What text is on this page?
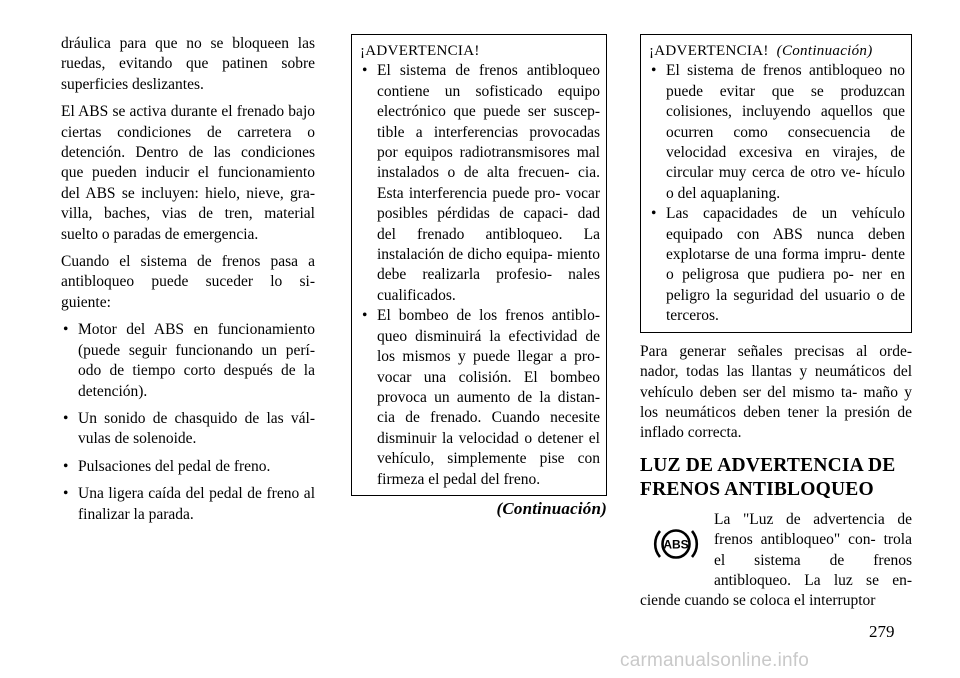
dráulica para que no se bloqueen las ruedas, evitando que patinen sobre superficies deslizantes.

El ABS se activa durante el frenado bajo ciertas condiciones de carretera o detención. Dentro de las condiciones que pueden inducir el funcionamiento del ABS se incluyen: hielo, nieve, gra- villa, baches, vias de tren, material suelto o paradas de emergencia.

Cuando el sistema de frenos pasa a antibloqueo puede suceder lo si- guiente:

• Motor del ABS en funcionamiento (puede seguir funcionando un perí- odo de tiempo corto después de la detención).
• Un sonido de chasquido de las vál- vulas de solenoide.
• Pulsaciones del pedal de freno.
• Una ligera caída del pedal de freno al finalizar la parada.
¡ADVERTENCIA!
• El sistema de frenos antibloqueo contiene un sofisticado equipo electrónico que puede ser suscep- tible a interferencias provocadas por equipos radiotransmisores mal instalados o de alta frecuen- cia. Esta interferencia puede pro- vocar posibles pérdidas de capaci- dad del frenado antibloqueo. La instalación de dicho equipa- miento debe realizarla profesio- nales cualificados.
• El bombeo de los frenos antiblo- queo disminuirá la efectividad de los mismos y puede llegar a pro- vocar una colisión. El bombeo provoca un aumento de la distan- cia de frenado. Cuando necesite disminuir la velocidad o detener el vehículo, simplemente pise con firmeza el pedal del freno.
(Continuación)
¡ADVERTENCIA! (Continuación)
• El sistema de frenos antibloqueo no puede evitar que se produzcan colisiones, incluyendo aquellos que ocurren como consecuencia de velocidad excesiva en virajes, de circular muy cerca de otro ve- hículo o del aquaplaning.
• Las capacidades de un vehículo equipado con ABS nunca deben explotarse de una forma impru- dente o peligrosa que pudiera po- ner en peligro la seguridad del usuario o de terceros.

Para generar señales precisas al orde- nador, todas las llantas y neumáticos del vehículo deben ser del mismo ta- maño y los neumáticos deben tener la presión de inflado correcta.

LUZ DE ADVERTENCIA DE FRENOS ANTIBLOQUEO
ABS

La "Luz de advertencia de frenos antibloqueo" con- trola el sistema de frenos antibloqueo. La luz se en- ciende cuando se coloca el interruptor

279
carmanualsonline.info
